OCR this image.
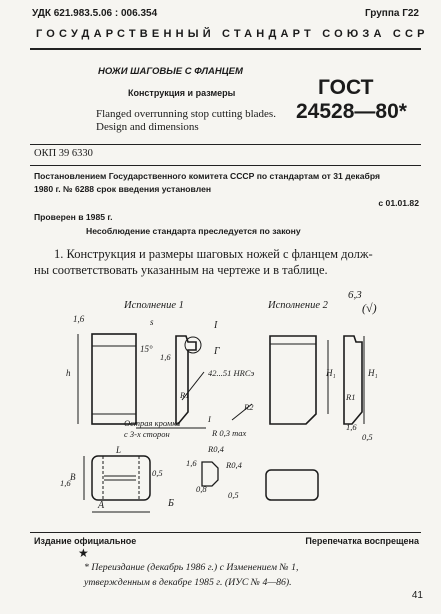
УДК 621.983.5.06 : 006.354	Группа Г22
ГОСУДАРСТВЕННЫЙ СТАНДАРТ СОЮЗА ССР
НОЖИ ШАГОВЫЕ С ФЛАНЦЕМ
Конструкция и размеры
Flanged overrunning stop cutting blades.
Design and dimensions
ГОСТ
24528—80*
ОКП 39 6330
Постановлением Государственного комитета СССР по стандартам от 31 декабря
1980 г. № 6288 срок введения установлен
с 01.01.82
Проверен в 1985 г.
Несоблюдение стандарта преследуется по закону
1. Конструкция и размеры шаговых ножей с фланцем долж-
ны соответствовать указанным на чертеже и в таблице.
Исполнение 1	Исполнение 2
6,3
(√)
1,6	s
15°
1,6
I
Г
42...51 HRCэ
h	H₁	H₁
R1	R1
R2
Острая кромка
с 3-х сторон
I
R 0,3 max
1,6
0,5
R0,4
R0,4
L
B
1,6
0,5
А	Б
1,6
0,8
0,5
Издание официальное	Перепечатка воспрещена
★
* Переиздание (декабрь 1986 г.) с Изменением № 1,
утвержденным в декабре 1985 г. (ИУС № 4—86).
41
